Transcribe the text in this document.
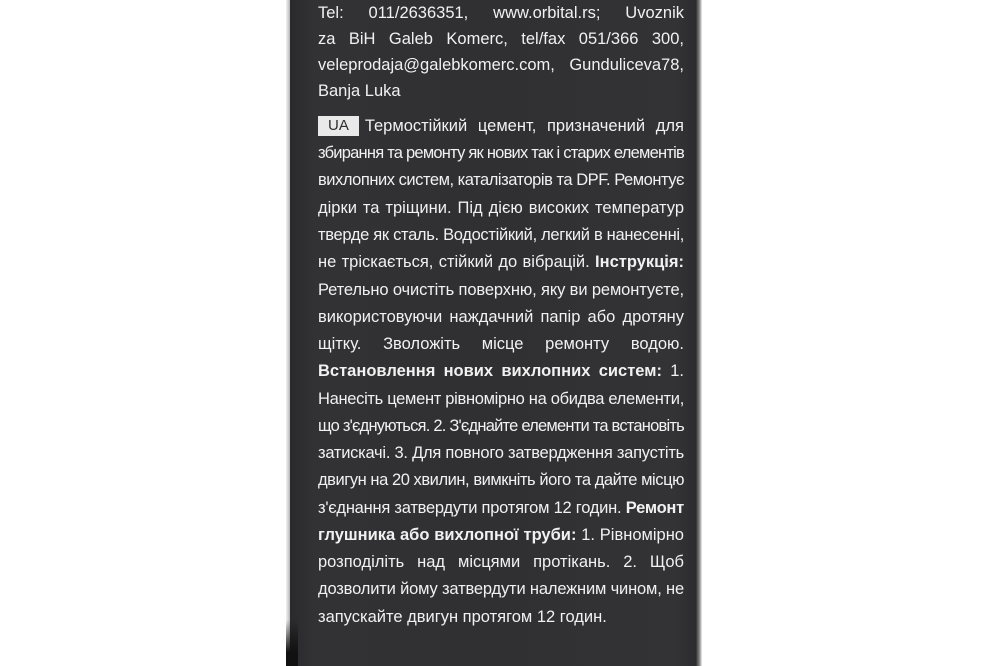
Tel: 011/2636351, www.orbital.rs; Uvoznik
za BiH Galeb Komerc, tel/fax 051/366 300,
veleprodaja@galebkomerc.com, Gunduliceva78,
Banja Luka
UA Термостійкий цемент, призначений для
збирання та ремонту як нових так і старих елементів
вихлопних систем, каталізаторів та DPF. Ремонтує
дірки та тріщини. Під дією високих температур
тверде як сталь. Водостійкий, легкий в нанесенні,
не тріскається, стійкий до вібрацій. Інструкція:
Ретельно очистіть поверхню, яку ви ремонтуєте,
використовуючи наждачний папір або дротяну
щітку. Зволожіть місце ремонту водою.
Встановлення нових вихлопних систем: 1.
Нанесіть цемент рівномірно на обидва елементи,
що з'єднуються. 2. З'єднайте елементи та встановіть
затискачі. 3. Для повного затвердження запустіть
двигун на 20 хвилин, вимкніть його та дайте місцю
з'єднання затвердути протягом 12 годин. Ремонт
глушника або вихлопної труби: 1. Рівномірно
розподіліть над місцями протікань. 2. Щоб
дозволити йому затвердути належним чином, не
запускайте двигун протягом 12 годин.
